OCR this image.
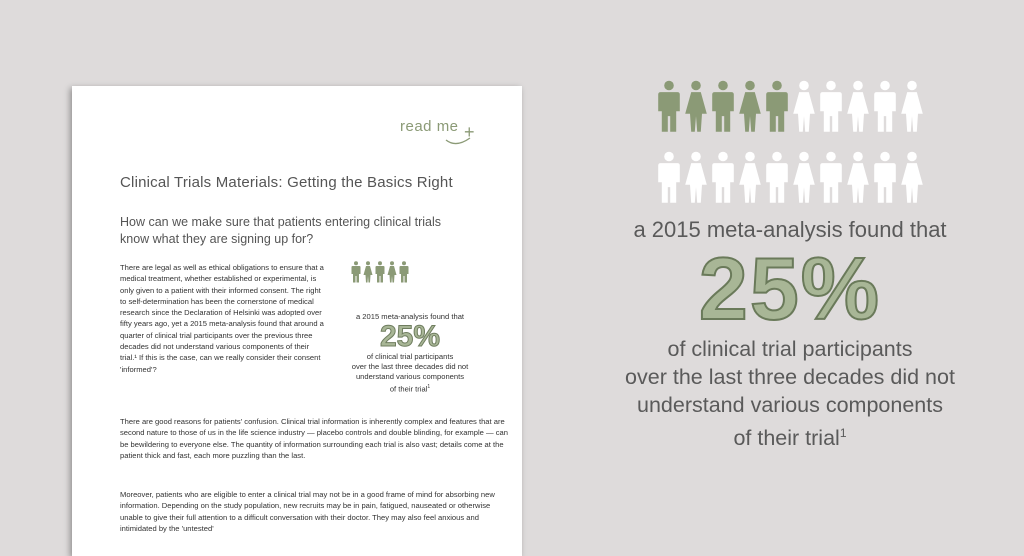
read me +
Clinical Trials Materials: Getting the Basics Right
How can we make sure that patients entering clinical trials know what they are signing up for?
There are legal as well as ethical obligations to ensure that a medical treatment, whether established or experimental, is only given to a patient with their informed consent. The right to self-determination has been the cornerstone of medical research since the Declaration of Helsinki was adopted over fifty years ago, yet a 2015 meta-analysis found that around a quarter of clinical trial participants over the previous three decades did not understand various components of their trial.¹ If this is the case, can we really consider their consent 'informed'?
a 2015 meta-analysis found that
25%
of clinical trial participants
over the last three decades did not
understand various components
of their trial$^1$
There are good reasons for patients' confusion. Clinical trial information is inherently complex and features that are second nature to those of us in the life science industry — placebo controls and double blinding, for example — can be bewildering to everyone else. The quantity of information surrounding each trial is also vast; details come at the patient thick and fast, each more puzzling than the last.
Moreover, patients who are eligible to enter a clinical trial may not be in a good frame of mind for absorbing new information. Depending on the study population, new recruits may be in pain, fatigued, nauseated or otherwise unable to give their full attention to a difficult conversation with their doctor. They may also feel anxious and intimidated by the 'untested'
a 2015 meta-analysis found that
25%
of clinical trial participants
over the last three decades did not
understand various components
of their trial$^1$
